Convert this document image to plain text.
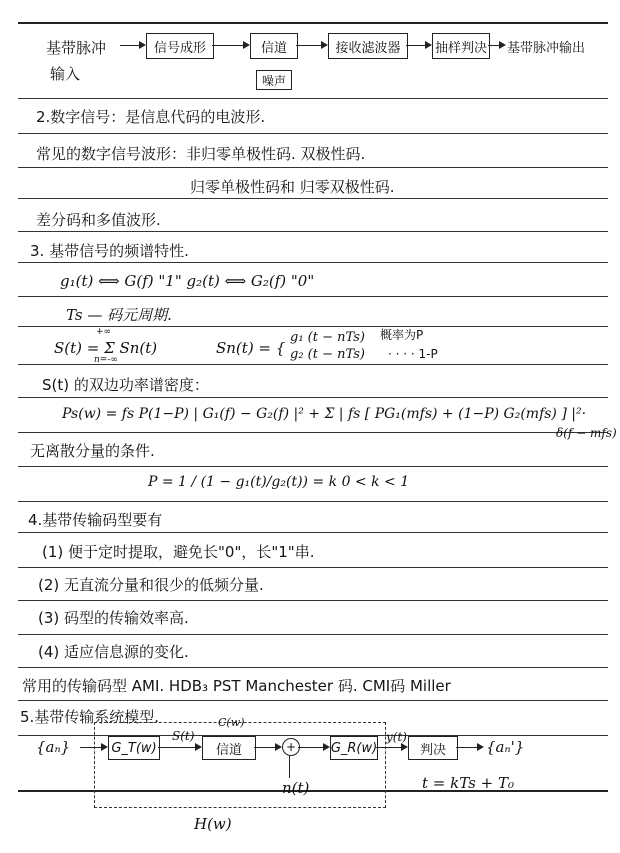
基带脉冲
输入
信号成形	信道	接收滤波器	抽样判决 基带脉冲输出
噪声
2.数字信号：是信息代码的电波形.
常见的数字信号波形：非归零单极性码. 双极性码.
归零单极性码和 归零双极性码.
差分码和多值波形.
3. 基带信号的频谱特性.
g₁(t) ⟺ G(f) "1" g₂(t) ⟺ G₂(f) "0"
Ts — 码元周期.
S(t) = Σ Sn(t)
+∞
n=-∞
Sn(t) = {
g₁ (t − nTs)
g₂ (t − nTs)
概率为P
· · · · 1-P
S(t) 的双边功率谱密度：
Ps(w) = fs P(1−P) | G₁(f) − G₂(f) |² + Σ | fs [ PG₁(mfs) + (1−P) G₂(mfs) ] |²·
δ(f − mfs)
无离散分量的条件.
P = 1 / (1 − g₁(t)/g₂(t)) = k 0 < k < 1
4.基带传输码型要有
(1) 便于定时提取，避免长"0"，长"1"串.
(2) 无直流分量和很少的低频分量.
(3) 码型的传输效率高.
(4) 适应信息源的变化.
常用的传输码型 AMI. HDB₃ PST Manchester 码. CMI码 Miller
5.基带传输系统模型.
{aₙ}	G_T(w)
S(t)
信道
C(w)
+	G_R(w)
y(t)
判决	{aₙ'}
n(t)	t = kTs + T₀
H(w)
